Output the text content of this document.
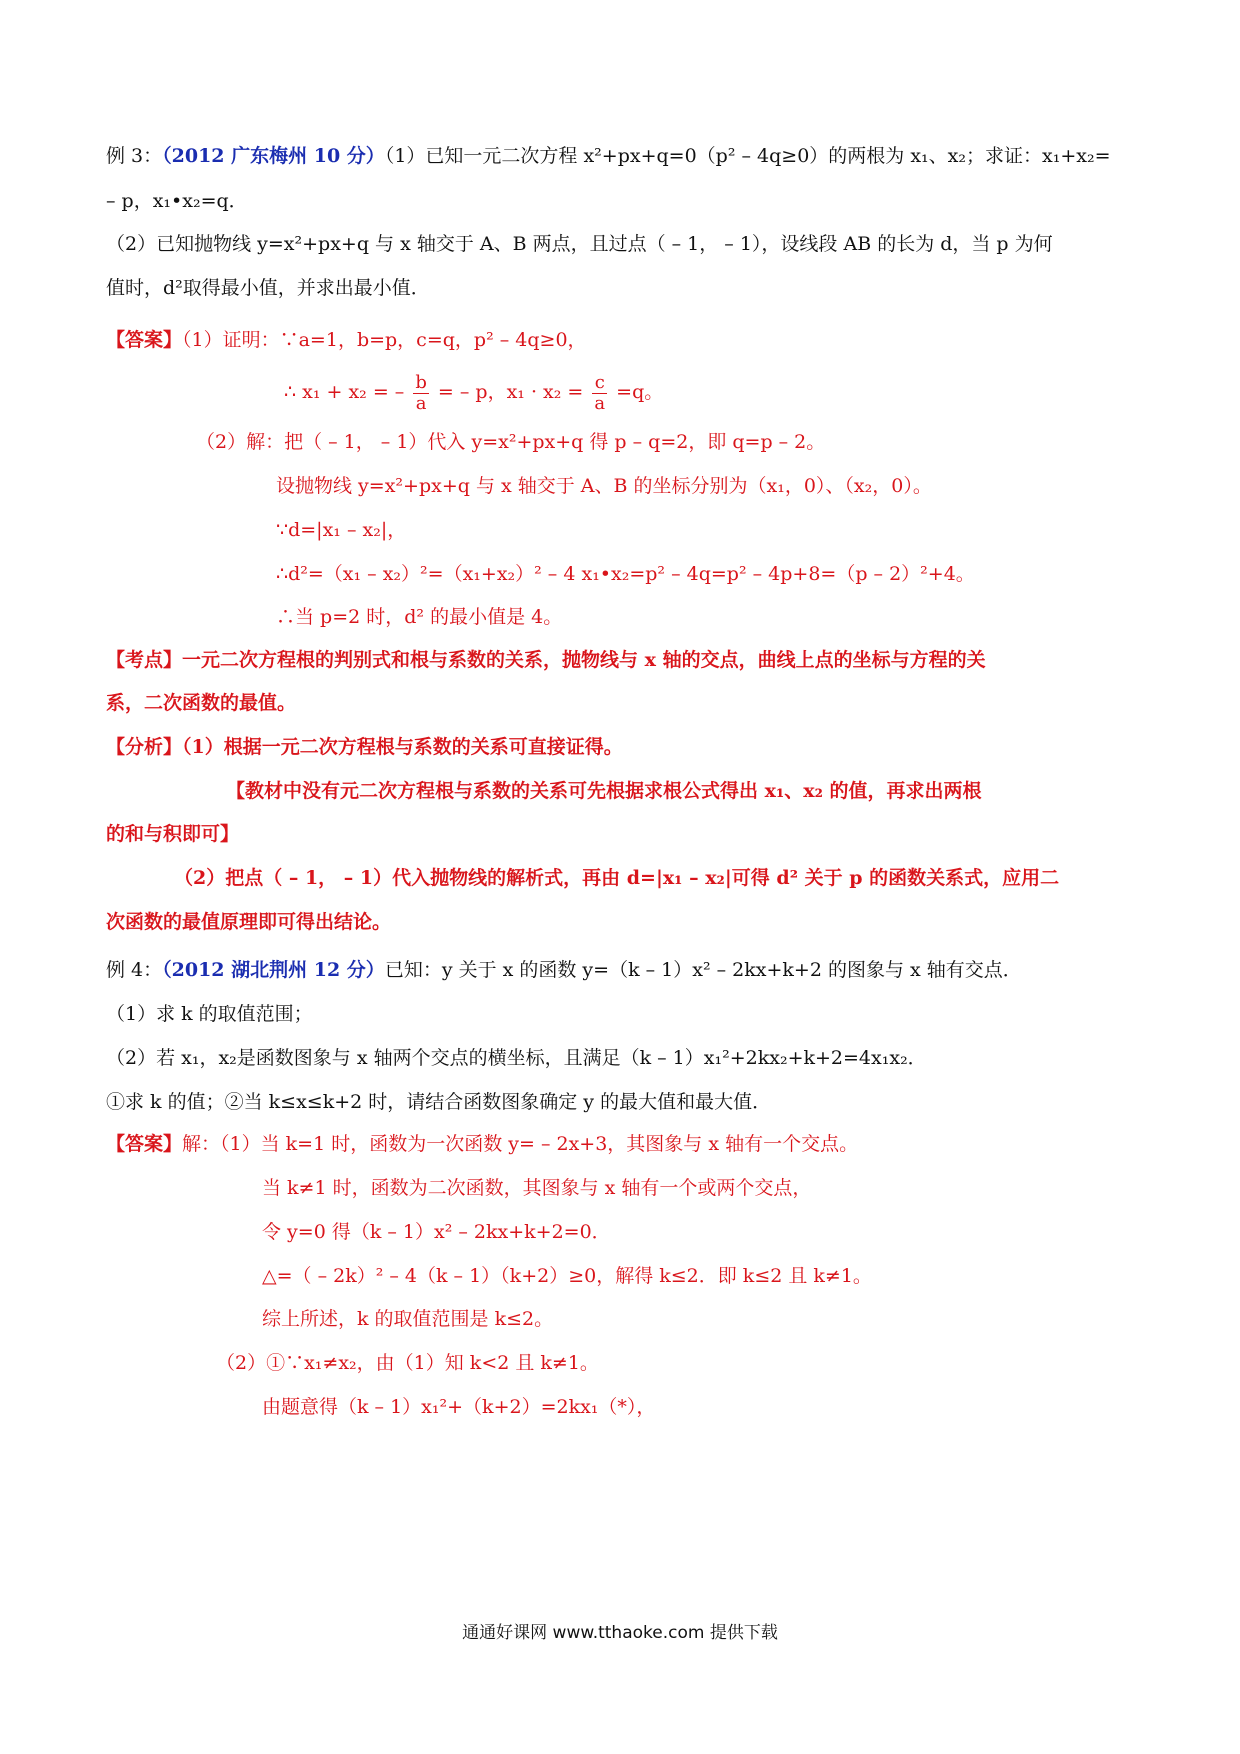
例 3：（2012 广东梅州 10 分）（1）已知一元二次方程 x²+px+q=0（p² – 4q≥0）的两根为 x₁、x₂；求证：x₁+x₂=
– p，x₁•x₂=q．
（2）已知抛物线 y=x²+px+q 与 x 轴交于 A、B 两点，且过点（ – 1， – 1），设线段 AB 的长为 d，当 p 为何
值时，d²取得最小值，并求出最小值．
【答案】（1）证明：∵a=1，b=p，c=q，p² – 4q≥0，
∴ x₁ + x₂ = – $\frac{b}{a}$ = – p，$x_1 \cdot x_2 = \frac{c}{a} =q$。
（2）解：把（ – 1， – 1）代入 y=x²+px+q 得 p – q=2，即 q=p – 2。
设抛物线 y=x²+px+q 与 x 轴交于 A、B 的坐标分别为（x₁，0）、（x₂，0）。
∵d=|x₁ – x₂|，
∴d²=（x₁ – x₂）²=（x₁+x₂）² – 4 x₁•x₂=p² – 4q=p² – 4p+8=（p – 2）²+4。
∴当 p=2 时，d² 的最小值是 4。
【考点】一元二次方程根的判别式和根与系数的关系，抛物线与 x 轴的交点，曲线上点的坐标与方程的关
系，二次函数的最值。
【分析】（1）根据一元二次方程根与系数的关系可直接证得。
【教材中没有元二次方程根与系数的关系可先根据求根公式得出 x₁、x₂ 的值，再求出两根
的和与积即可】
（2）把点（ – 1， – 1）代入抛物线的解析式，再由 d=|x₁ – x₂|可得 d² 关于 p 的函数关系式，应用二
次函数的最值原理即可得出结论。
例 4：（2012 湖北荆州 12 分）已知：y 关于 x 的函数 y=（k – 1）x² – 2kx+k+2 的图象与 x 轴有交点．
（1）求 k 的取值范围；
（2）若 x₁，x₂是函数图象与 x 轴两个交点的横坐标，且满足（k – 1）x₁²+2kx₂+k+2=4x₁x₂．
①求 k 的值；②当 k≤x≤k+2 时，请结合函数图象确定 y 的最大值和最大值．
【答案】解：（1）当 k=1 时，函数为一次函数 y= – 2x+3，其图象与 x 轴有一个交点。
当 k≠1 时，函数为二次函数，其图象与 x 轴有一个或两个交点，
令 y=0 得（k – 1）x² – 2kx+k+2=0．
△=（ – 2k）² – 4（k – 1）（k+2）≥0，解得 k≤2．即 k≤2 且 k≠1。
综上所述，k 的取值范围是 k≤2。
（2）①∵x₁≠x₂，由（1）知 k<2 且 k≠1。
由题意得（k – 1）x₁²+（k+2）=2kx₁（*），
通通好课网 www.tthaoke.com 提供下载
